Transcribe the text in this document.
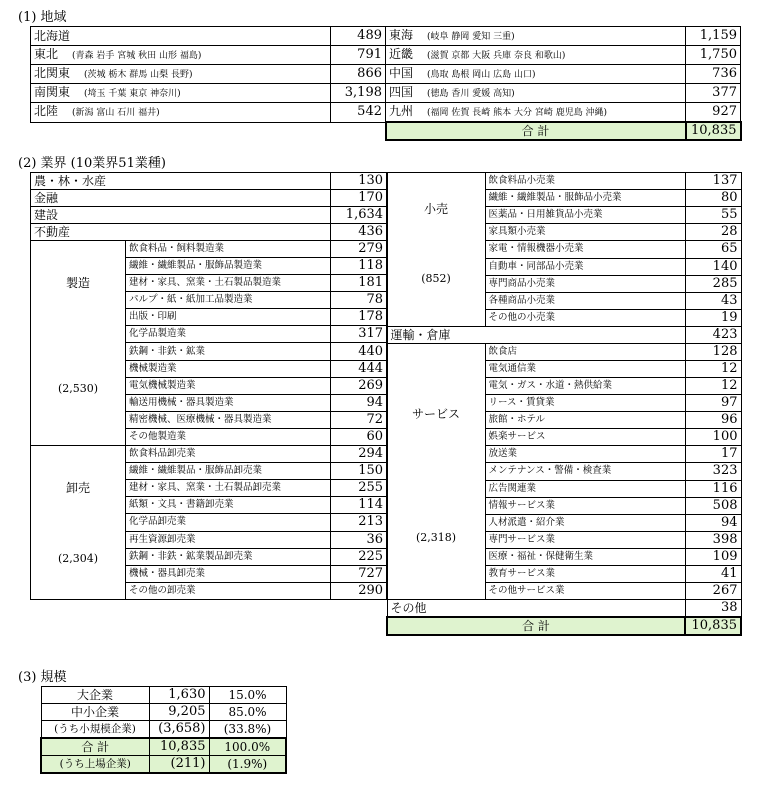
(1) 地域
北海道	489	東海 (岐阜 静岡 愛知 三重)	1,159
東北 (青森 岩手 宮城 秋田 山形 福島)	791	近畿 (滋賀 京都 大阪 兵庫 奈良 和歌山)	1,750
北関東 (茨城 栃木 群馬 山梨 長野)	866	中国 (鳥取 島根 岡山 広島 山口)	736
南関東 (埼玉 千葉 東京 神奈川)	3,198	四国 (徳島 香川 愛媛 高知)	377
北陸 (新潟 富山 石川 福井)	542	九州 (福岡 佐賀 長崎 熊本 大分 宮崎 鹿児島 沖縄)	927
		合 計	10,835
(2) 業界 (10業界51業種)
農・林・水産		130
金融		170
建設		1,634
不動産		436

製造
(2,530)	飲食料品・飼料製造業	279
	繊維・繊維製品・服飾品製造業	118
	建材・家具、窯業・土石製品製造業	181
	パルプ・紙・紙加工品製造業	78
	出版・印刷	178
	化学品製造業	317
	鉄鋼・非鉄・鉱業	440
	機械製造業	444
	電気機械製造業	269
	輸送用機械・器具製造業	94
	精密機械、医療機械・器具製造業	72
	その他製造業	60

卸売
(2,304)	飲食料品卸売業	294
	繊維・繊維製品・服飾品卸売業	150
	建材・家具、窯業・土石製品卸売業	255
	紙類・文具・書籍卸売業	114
	化学品卸売業	213
	再生資源卸売業	36
	鉄鋼・非鉄・鉱業製品卸売業	225
	機械・器具卸売業	727
	その他の卸売業	290
小売
(852)	飲食料品小売業	137
	繊維・繊維製品・服飾品小売業	80
	医薬品・日用雑貨品小売業	55
	家具類小売業	28
	家電・情報機器小売業	65
	自動車・同部品小売業	140
	専門商品小売業	285
	各種商品小売業	43
	その他の小売業	19
運輸・倉庫		423

サービス
(2,318)	飲食店	128
	電気通信業	12
	電気・ガス・水道・熱供給業	12
	リース・賃貸業	97
	旅館・ホテル	96
	娯楽サービス	100
	放送業	17
	メンテナンス・警備・検査業	323
	広告関連業	116
	情報サービス業	508
	人材派遣・紹介業	94
	専門サービス業	398
	医療・福祉・保健衛生業	109
	教育サービス業	41
	その他サービス業	267
その他		38
合 計		10,835
(3) 規模
大企業	1,630	15.0%
中小企業	9,205	85.0%
(うち小規模企業)	(3,658)	(33.8%)
合 計	10,835	100.0%
(うち上場企業)	(211)	(1.9%)
